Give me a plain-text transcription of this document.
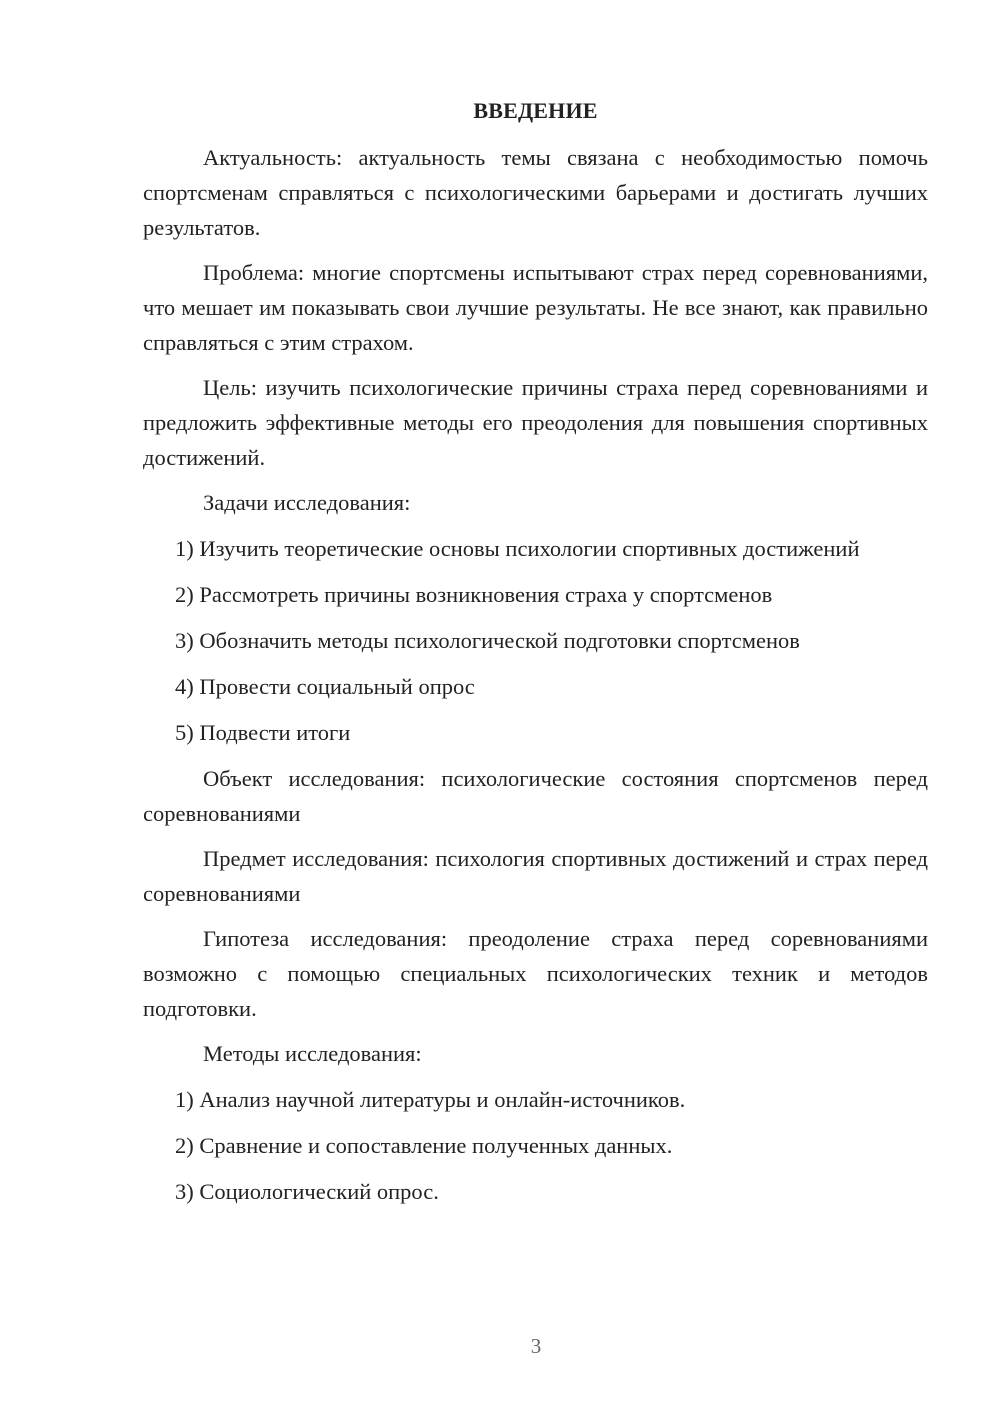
ВВЕДЕНИЕ

Актуальность: актуальность темы связана с необходимостью помочь спортсменам справляться с психологическими барьерами и достигать лучших результатов.

Проблема: многие спортсмены испытывают страх перед соревнованиями, что мешает им показывать свои лучшие результаты. Не все знают, как правильно справляться с этим страхом.

Цель: изучить психологические причины страха перед соревнованиями и предложить эффективные методы его преодоления для повышения спортивных достижений.

Задачи исследования:
1) Изучить теоретические основы психологии спортивных достижений
2) Рассмотреть причины возникновения страха у спортсменов
3) Обозначить методы психологической подготовки спортсменов
4) Провести социальный опрос
5) Подвести итоги

Объект исследования: психологические состояния спортсменов перед соревнованиями

Предмет исследования: психология спортивных достижений и страх перед соревнованиями

Гипотеза исследования: преодоление страха перед соревнованиями возможно с помощью специальных психологических техник и методов подготовки.

Методы исследования:
1) Анализ научной литературы и онлайн-источников.
2) Сравнение и сопоставление полученных данных.
3) Социологический опрос.
3
